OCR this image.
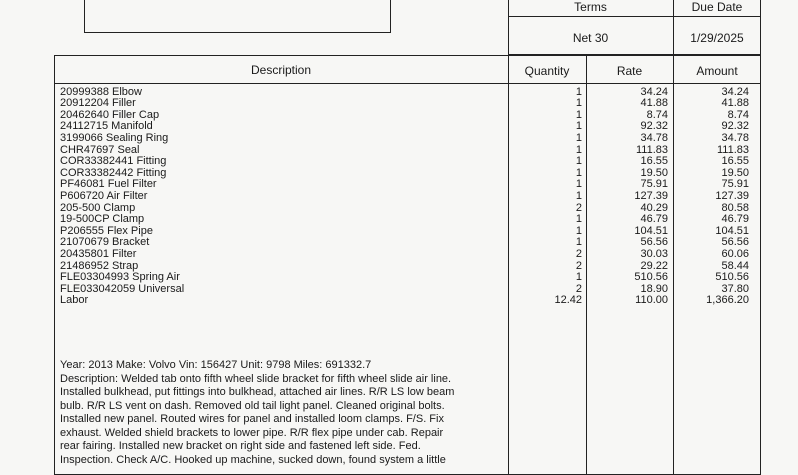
Terms	Due Date
Net 30	1/29/2025
Description	Quantity	Rate	Amount
20999388 Elbow	1	34.24	34.24
20912204 Filler	1	41.88	41.88
20462640 Filler Cap	1	8.74	8.74
24112715 Manifold	1	92.32	92.32
3199066 Sealing Ring	1	34.78	34.78
CHR47697 Seal	1	111.83	111.83
COR33382441 Fitting	1	16.55	16.55
COR33382442 Fitting	1	19.50	19.50
PF46081 Fuel Filter	1	75.91	75.91
P606720 Air Filter	1	127.39	127.39
205-500 Clamp	2	40.29	80.58
19-500CP Clamp	1	46.79	46.79
P206555 Flex Pipe	1	104.51	104.51
21070679 Bracket	1	56.56	56.56
20435801 Filter	2	30.03	60.06
21486952 Strap	2	29.22	58.44
FLE03304993 Spring Air	1	510.56	510.56
FLE033042059 Universal	2	18.90	37.80
Labor	12.42	110.00	1,366.20
Year: 2013 Make: Volvo Vin: 156427 Unit: 9798 Miles: 691332.7
Description: Welded tab onto fifth wheel slide bracket for fifth wheel slide air line.
Installed bulkhead, put fittings into bulkhead, attached air lines. R/R LS low beam
bulb. R/R LS vent on dash. Removed old tail light panel. Cleaned original bolts.
Installed new panel. Routed wires for panel and installed loom clamps. F/S. Fix
exhaust. Welded shield brackets to lower pipe. R/R flex pipe under cab. Repair
rear fairing. Installed new bracket on right side and fastened left side. Fed.
Inspection. Check A/C. Hooked up machine, sucked down, found system a little
